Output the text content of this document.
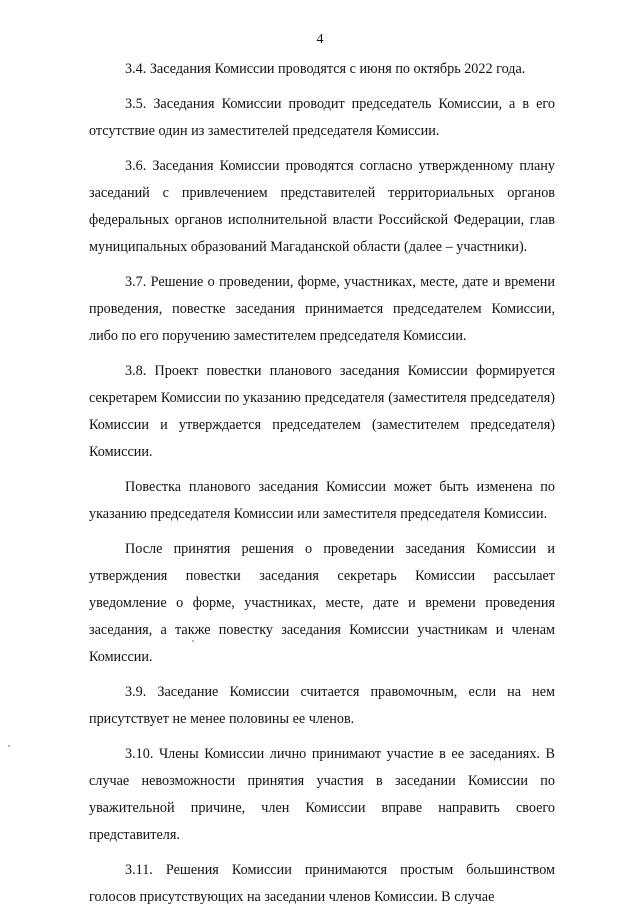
4

3.4. Заседания Комиссии проводятся с июня по октябрь 2022 года.

3.5. Заседания Комиссии проводит председатель Комиссии, а в его отсутствие один из заместителей председателя Комиссии.

3.6. Заседания Комиссии проводятся согласно утвержденному плану заседаний с привлечением представителей территориальных органов федеральных органов исполнительной власти Российской Федерации, глав муниципальных образований Магаданской области (далее – участники).

3.7. Решение о проведении, форме, участниках, месте, дате и времени проведения, повестке заседания принимается председателем Комиссии, либо по его поручению заместителем председателя Комиссии.

3.8. Проект повестки планового заседания Комиссии формируется секретарем Комиссии по указанию председателя (заместителя председателя) Комиссии и утверждается председателем (заместителем председателя) Комиссии.

Повестка планового заседания Комиссии может быть изменена по указанию председателя Комиссии или заместителя председателя Комиссии.

После принятия решения о проведении заседания Комиссии и утверждения повестки заседания секретарь Комиссии рассылает уведомление о форме, участниках, месте, дате и времени проведения заседания, а также повестку заседания Комиссии участникам и членам Комиссии.

3.9. Заседание Комиссии считается правомочным, если на нем присутствует не менее половины ее членов.

3.10. Члены Комиссии лично принимают участие в ее заседаниях. В случае невозможности принятия участия в заседании Комиссии по уважительной причине, член Комиссии вправе направить своего представителя.

3.11. Решения Комиссии принимаются простым большинством голосов присутствующих на заседании членов Комиссии. В случае
